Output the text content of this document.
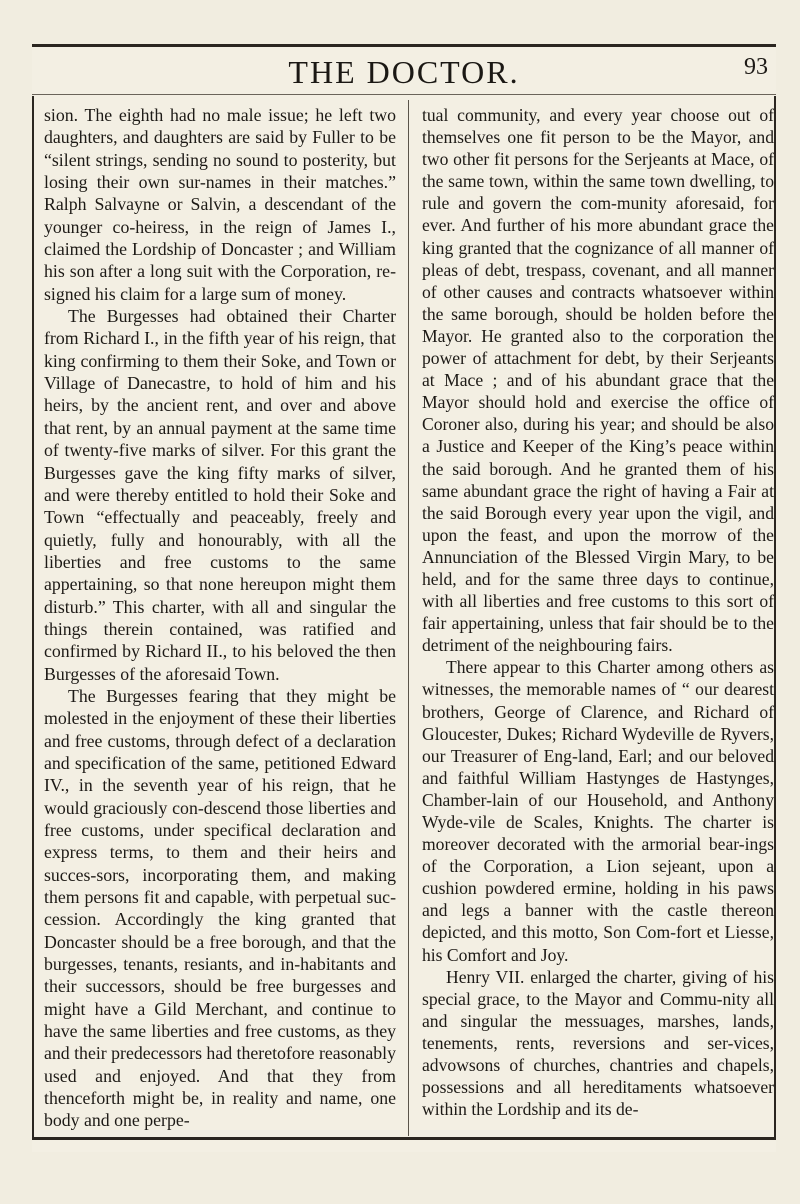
THE DOCTOR.	93

sion. The eighth had no male issue; he left two daughters, and daughters are said by Fuller to be “silent strings, sending no sound to posterity, but losing their own sur-names in their matches.” Ralph Salvayne or Salvin, a descendant of the younger co-heiress, in the reign of James I., claimed the Lordship of Doncaster ; and William his son after a long suit with the Corporation, re-signed his claim for a large sum of money.

The Burgesses had obtained their Charter from Richard I., in the fifth year of his reign, that king confirming to them their Soke, and Town or Village of Danecastre, to hold of him and his heirs, by the ancient rent, and over and above that rent, by an annual payment at the same time of twenty-five marks of silver. For this grant the Burgesses gave the king fifty marks of silver, and were thereby entitled to hold their Soke and Town “effectually and peaceably, freely and quietly, fully and honourably, with all the liberties and free customs to the same appertaining, so that none hereupon might them disturb.” This charter, with all and singular the things therein contained, was ratified and confirmed by Richard II., to his beloved the then Burgesses of the aforesaid Town.

The Burgesses fearing that they might be molested in the enjoyment of these their liberties and free customs, through defect of a declaration and specification of the same, petitioned Edward IV., in the seventh year of his reign, that he would graciously con-descend those liberties and free customs, under specifical declaration and express terms, to them and their heirs and succes-sors, incorporating them, and making them persons fit and capable, with perpetual suc-cession. Accordingly the king granted that Doncaster should be a free borough, and that the burgesses, tenants, resiants, and in-habitants and their successors, should be free burgesses and might have a Gild Merchant, and continue to have the same liberties and free customs, as they and their predecessors had theretofore reasonably used and enjoyed. And that they from thenceforth might be, in reality and name, one body and one perpe-

tual community, and every year choose out of themselves one fit person to be the Mayor, and two other fit persons for the Serjeants at Mace, of the same town, within the same town dwelling, to rule and govern the com-munity aforesaid, for ever. And further of his more abundant grace the king granted that the cognizance of all manner of pleas of debt, trespass, covenant, and all manner of other causes and contracts whatsoever within the same borough, should be holden before the Mayor. He granted also to the corporation the power of attachment for debt, by their Serjeants at Mace ; and of his abundant grace that the Mayor should hold and exercise the office of Coroner also, during his year; and should be also a Justice and Keeper of the King’s peace within the said borough. And he granted them of his same abundant grace the right of having a Fair at the said Borough every year upon the vigil, and upon the feast, and upon the morrow of the Annunciation of the Blessed Virgin Mary, to be held, and for the same three days to continue, with all liberties and free customs to this sort of fair appertaining, unless that fair should be to the detriment of the neighbouring fairs.

There appear to this Charter among others as witnesses, the memorable names of “ our dearest brothers, George of Clarence, and Richard of Gloucester, Dukes; Richard Wydeville de Ryvers, our Treasurer of Eng-land, Earl; and our beloved and faithful William Hastynges de Hastynges, Chamber-lain of our Household, and Anthony Wyde-vile de Scales, Knights. The charter is moreover decorated with the armorial bear-ings of the Corporation, a Lion sejeant, upon a cushion powdered ermine, holding in his paws and legs a banner with the castle thereon depicted, and this motto, Son Com-fort et Liesse, his Comfort and Joy.

Henry VII. enlarged the charter, giving of his special grace, to the Mayor and Commu-nity all and singular the messuages, marshes, lands, tenements, rents, reversions and ser-vices, advowsons of churches, chantries and chapels, possessions and all hereditaments whatsoever within the Lordship and its de-
